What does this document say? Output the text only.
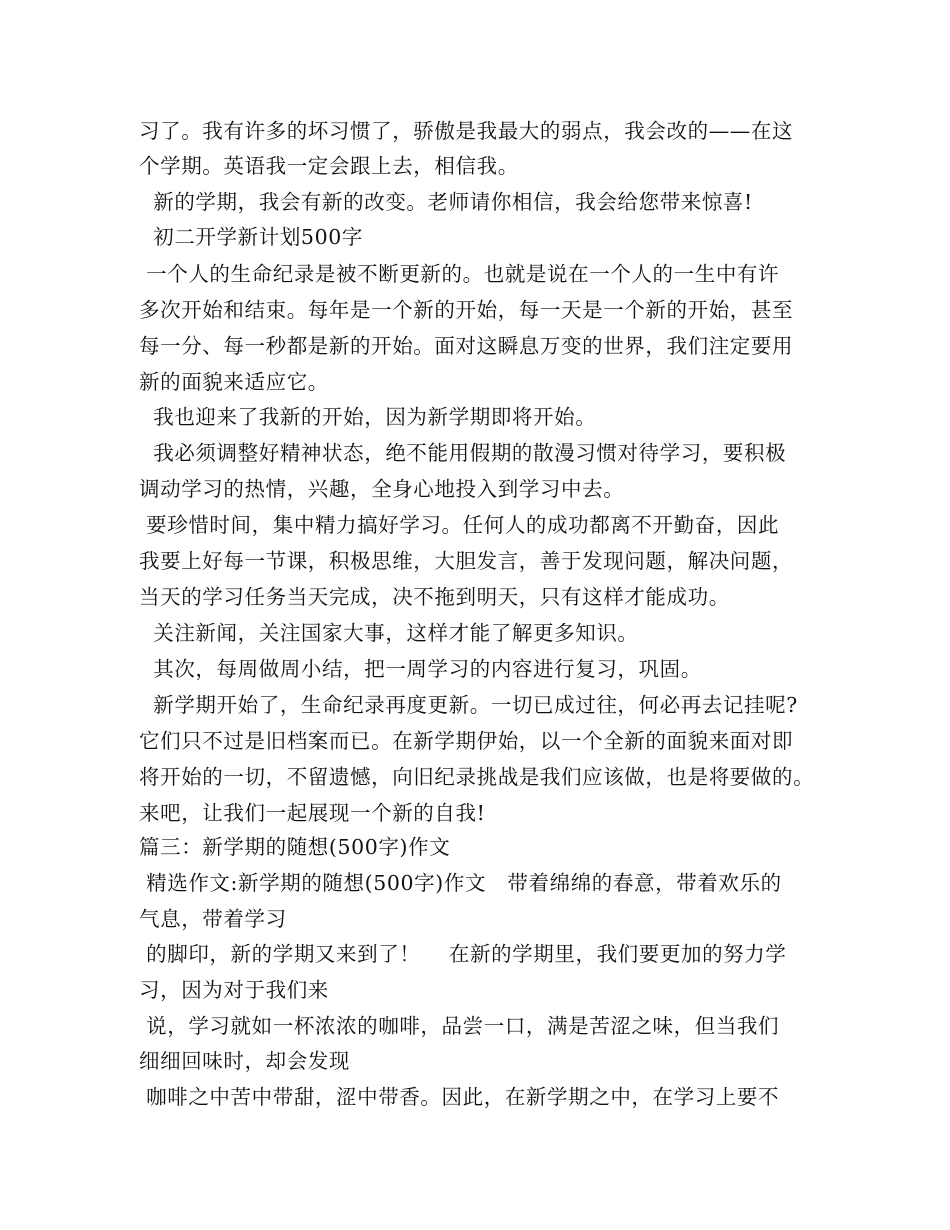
习了。我有许多的坏习惯了，骄傲是我最大的弱点，我会改的——在这
个学期。英语我一定会跟上去，相信我。
新的学期，我会有新的改变。老师请你相信，我会给您带来惊喜!
初二开学新计划500字
一个人的生命纪录是被不断更新的。也就是说在一个人的一生中有许
多次开始和结束。每年是一个新的开始，每一天是一个新的开始，甚至
每一分、每一秒都是新的开始。面对这瞬息万变的世界，我们注定要用
新的面貌来适应它。
我也迎来了我新的开始，因为新学期即将开始。
我必须调整好精神状态，绝不能用假期的散漫习惯对待学习，要积极
调动学习的热情，兴趣，全身心地投入到学习中去。
要珍惜时间，集中精力搞好学习。任何人的成功都离不开勤奋，因此
我要上好每一节课，积极思维，大胆发言，善于发现问题，解决问题，
当天的学习任务当天完成，决不拖到明天，只有这样才能成功。
关注新闻，关注国家大事，这样才能了解更多知识。
其次，每周做周小结，把一周学习的内容进行复习，巩固。
新学期开始了，生命纪录再度更新。一切已成过往，何必再去记挂呢?
它们只不过是旧档案而已。在新学期伊始，以一个全新的面貌来面对即
将开始的一切，不留遗憾，向旧纪录挑战是我们应该做，也是将要做的。
来吧，让我们一起展现一个新的自我!
篇三：新学期的随想(500字)作文
精选作文:新学期的随想(500字)作文   带着绵绵的春意，带着欢乐的
气息，带着学习
的脚印，新的学期又来到了！    在新的学期里，我们要更加的努力学
习，因为对于我们来
说，学习就如一杯浓浓的咖啡，品尝一口，满是苦涩之味，但当我们
细细回味时，却会发现
咖啡之中苦中带甜，涩中带香。因此，在新学期之中，在学习上要不
